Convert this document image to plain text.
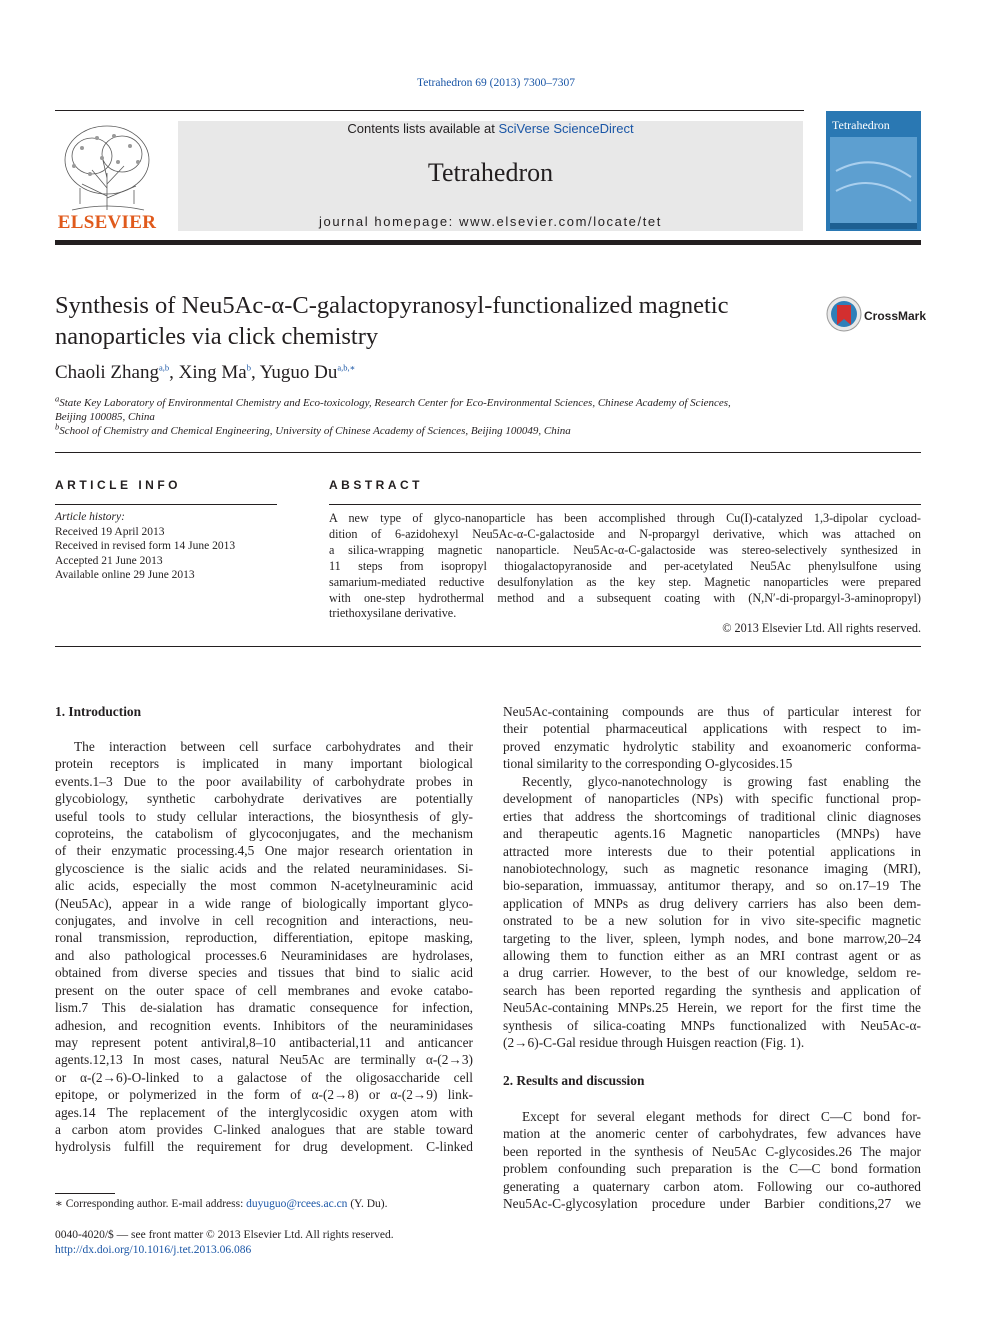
Tetrahedron 69 (2013) 7300–7307
ELSEVIER
Contents lists available at SciVerse ScienceDirect
Tetrahedron
journal homepage: www.elsevier.com/locate/tet
Tetrahedron
Synthesis of Neu5Ac-α-C-galactopyranosyl-functionalized magnetic
nanoparticles via click chemistry
CrossMark
Chaoli Zhang$^{a,b}$, Xing Ma$^b$, Yuguo $Du^{a,b,∗}$
$^a$State Key Laboratory of Environmental Chemistry and Eco-toxicology, Research Center for Eco-Environmental Sciences, Chinese Academy of Sciences,
Beijing 100085, China
$^b$School of Chemistry and Chemical Engineering, University of Chinese Academy of Sciences, Beijing 100049, China
ARTICLE INFO	ABSTRACT
Article history:
Received 19 April 2013
Received in revised form 14 June 2013
Accepted 21 June 2013
Available online 29 June 2013
A new type of glyco-nanoparticle has been accomplished through Cu(I)-catalyzed 1,3-dipolar cycload-
dition of 6-azidohexyl Neu5Ac-α-C-galactoside and N-propargyl derivative, which was attached on
a silica-wrapping magnetic nanoparticle. Neu5Ac-α-C-galactoside was stereo-selectively synthesized in
11 steps from isopropyl thiogalactopyranoside and per-acetylated Neu5Ac phenylsulfone using
samarium-mediated reductive desulfonylation as the key step. Magnetic nanoparticles were prepared
with one-step hydrothermal method and a subsequent coating with (N,N′-di-propargyl-3-aminopropyl)
triethoxysilane derivative.
© 2013 Elsevier Ltd. All rights reserved.
1. Introduction
The interaction between cell surface carbohydrates and their
protein receptors is implicated in many important biological
events.1–3 Due to the poor availability of carbohydrate probes in
glycobiology, synthetic carbohydrate derivatives are potentially
useful tools to study cellular interactions, the biosynthesis of gly-
coproteins, the catabolism of glycoconjugates, and the mechanism
of their enzymatic processing.4,5 One major research orientation in
glycoscience is the sialic acids and the related neuraminidases. Si-
alic acids, especially the most common N-acetylneuraminic acid
(Neu5Ac), appear in a wide range of biologically important glyco-
conjugates, and involve in cell recognition and interactions, neu-
ronal transmission, reproduction, differentiation, epitope masking,
and also pathological processes.6 Neuraminidases are hydrolases,
obtained from diverse species and tissues that bind to sialic acid
present on the outer space of cell membranes and evoke catabo-
lism.7 This de-sialation has dramatic consequence for infection,
adhesion, and recognition events. Inhibitors of the neuraminidases
may represent potent antiviral,8–10 antibacterial,11 and anticancer
agents.12,13 In most cases, natural Neu5Ac are terminally α-(2→3)
or α-(2→6)-O-linked to a galactose of the oligosaccharide cell
epitope, or polymerized in the form of α-(2→8) or α-(2→9) link-
ages.14 The replacement of the interglycosidic oxygen atom with
a carbon atom provides C-linked analogues that are stable toward
hydrolysis fulfill the requirement for drug development. C-linked
Neu5Ac-containing compounds are thus of particular interest for
their potential pharmaceutical applications with respect to im-
proved enzymatic hydrolytic stability and exoanomeric conforma-
tional similarity to the corresponding O-glycosides.15
Recently, glyco-nanotechnology is growing fast enabling the
development of nanoparticles (NPs) with specific functional prop-
erties that address the shortcomings of traditional clinic diagnoses
and therapeutic agents.16 Magnetic nanoparticles (MNPs) have
attracted more interests due to their potential applications in
nanobiotechnology, such as magnetic resonance imaging (MRI),
bio-separation, immuassay, antitumor therapy, and so on.17–19 The
application of MNPs as drug delivery carriers has also been dem-
onstrated to be a new solution for in vivo site-specific magnetic
targeting to the liver, spleen, lymph nodes, and bone marrow,20–24
allowing them to function either as an MRI contrast agent or as
a drug carrier. However, to the best of our knowledge, seldom re-
search has been reported regarding the synthesis and application of
Neu5Ac-containing MNPs.25 Herein, we report for the first time the
synthesis of silica-coating MNPs functionalized with Neu5Ac-α-
(2→6)-C-Gal residue through Huisgen reaction (Fig. 1).
2. Results and discussion
Except for several elegant methods for direct C—C bond for-
mation at the anomeric center of carbohydrates, few advances have
been reported in the synthesis of Neu5Ac C-glycosides.26 The major
problem confounding such preparation is the C—C bond formation
generating a quaternary carbon atom. Following our co-authored
Neu5Ac-C-glycosylation procedure under Barbier conditions,27 we
∗ Corresponding author. E-mail address: duyuguo@rcees.ac.cn (Y. Du).
0040-4020/$ — see front matter © 2013 Elsevier Ltd. All rights reserved.
http://dx.doi.org/10.1016/j.tet.2013.06.086
